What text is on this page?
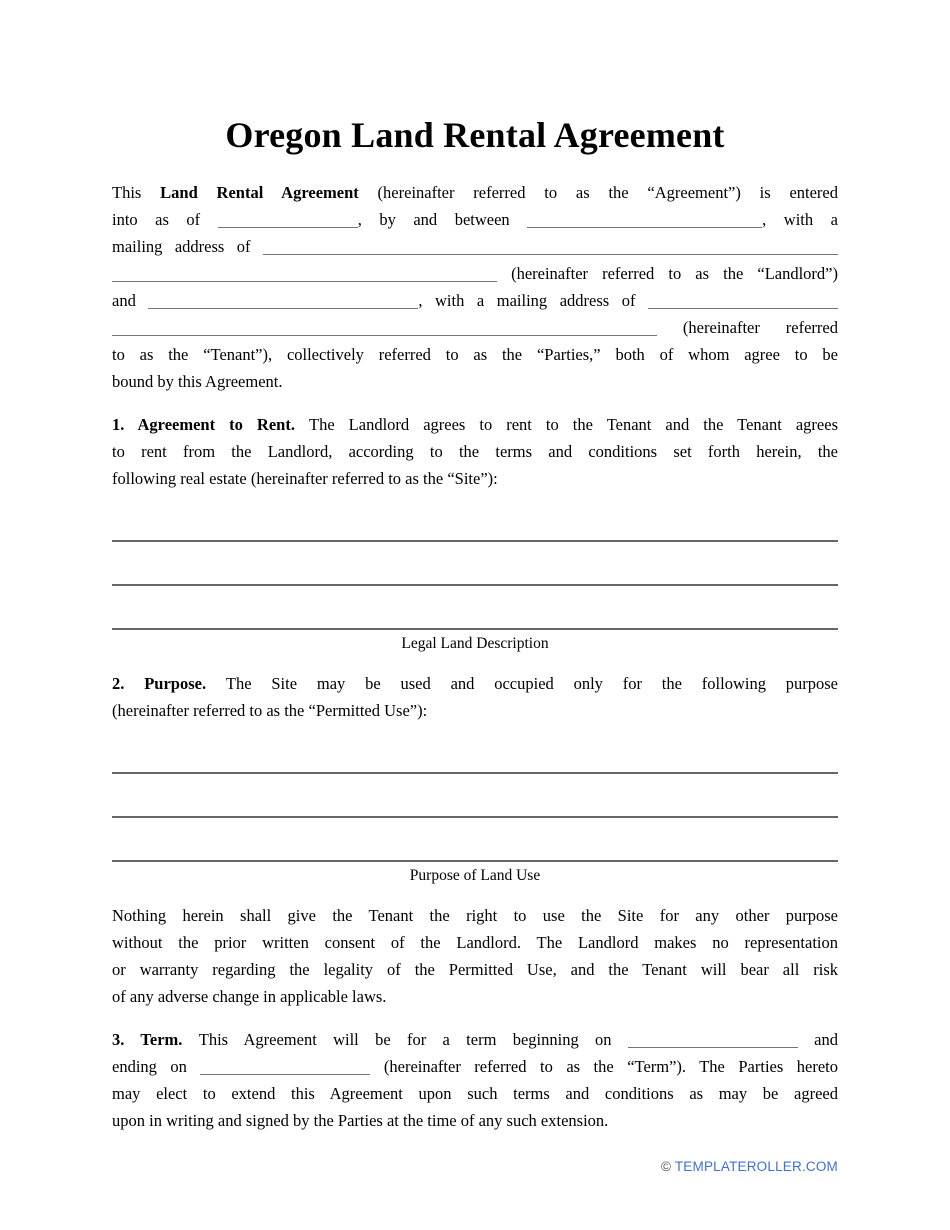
Oregon Land Rental Agreement
This Land Rental Agreement (hereinafter referred to as the “Agreement”) is entered
into as of	, by and between	, with a
mailing address of
(hereinafter referred to as the “Landlord”)
and	, with a mailing address of
(hereinafter referred
to as the “Tenant”), collectively referred to as the “Parties,” both of whom agree to be
bound by this Agreement.
1. Agreement to Rent. The Landlord agrees to rent to the Tenant and the Tenant agrees
to rent from the Landlord, according to the terms and conditions set forth herein, the
following real estate (hereinafter referred to as the “Site”):
Legal Land Description
2. Purpose. The Site may be used and occupied only for the following purpose
(hereinafter referred to as the “Permitted Use”):
Purpose of Land Use
Nothing herein shall give the Tenant the right to use the Site for any other purpose
without the prior written consent of the Landlord. The Landlord makes no representation
or warranty regarding the legality of the Permitted Use, and the Tenant will bear all risk
of any adverse change in applicable laws.
3. Term. This Agreement will be for a term beginning on	and
ending on	(hereinafter referred to as the “Term”). The Parties hereto
may elect to extend this Agreement upon such terms and conditions as may be agreed
upon in writing and signed by the Parties at the time of any such extension.
© TEMPLATEROLLER.COM
